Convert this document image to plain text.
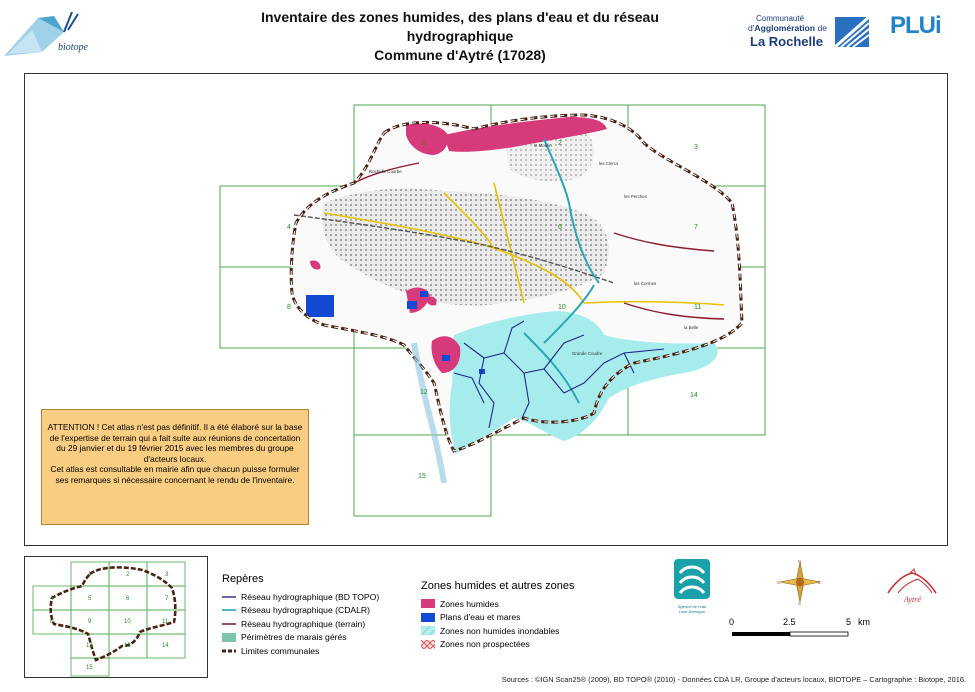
Inventaire des zones humides, des plans d'eau et du réseau
hydrographique
Commune d'Aytré (17028)
biotope
Communauté
d'Agglomération de
La Rochelle
PLUi
1	2
3
4	6	7
8	10	11
12	14
15
le Moulin
Rochelle Courbe
les Clercs
les Perches
les Cormes
Grande Coudre
la Belle

ATTENTION ! Cet atlas n'est pas définitif. Il a été élaboré sur la base de l'expertise de terrain qui a fait suite aux réunions de concertation du 29 janvier et du 19 février 2015 avec les membres du groupe d'acteurs locaux.

Cet atlas est consultable en mairie afin que chacun puisse formuler ses remarques si nécessaire concernant le rendu de l'inventaire.

1	2	3
4	5	6	7
8	9	10	11
12	13	14
15
Repères
Réseau hydrographique (BD TOPO)
Réseau hydrographique (CDALR)
Réseau hydrographique (terrain)
Périmètres de marais gérés
Limites communales
Zones humides et autres zones
Zones humides
Plans d'eau et mares
Zones non humides inondables
Zones non prospectées
Agence de l'eau
Loire-Bretagne
N
E
S
O
Aytré
0	2.5	5 km
Sources : ©IGN Scan25® (2009), BD TOPO® (2010) - Données CDA LR, Groupe d'acteurs locaux, BIOTOPE – Cartographie : Biotope, 2016.
